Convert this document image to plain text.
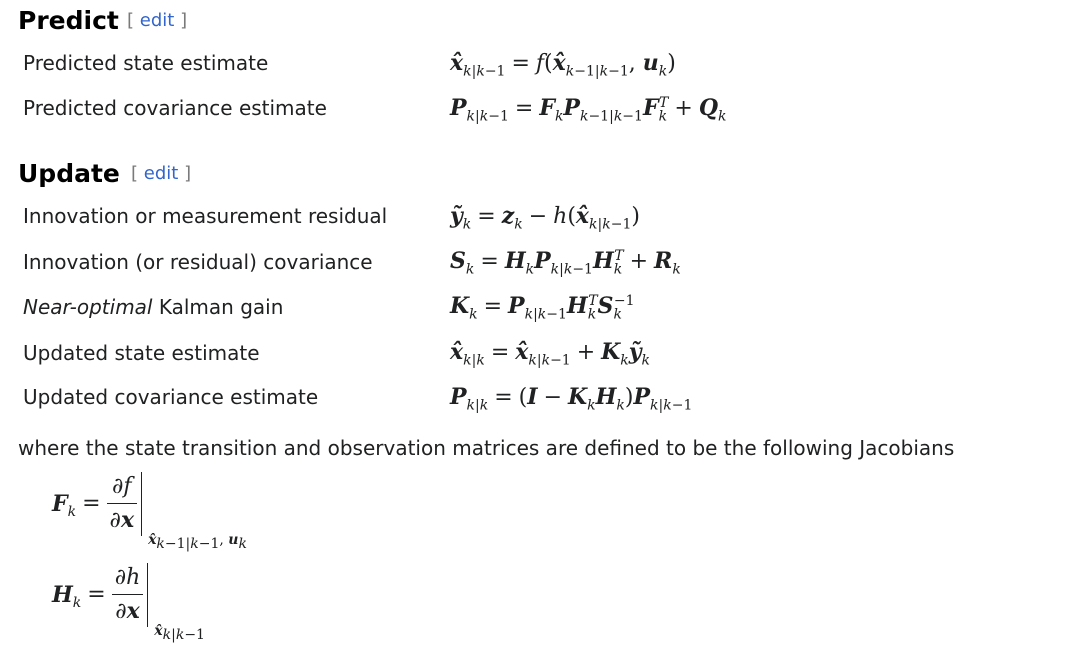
Predict [ edit ]
Predicted state estimate	$x̂_{k|k-1}$ = $f(x̂_{k-1|k-1}$, $u_k$)
Predicted covariance estimate	$P_{k|k-1} = F_kP_{k-1|k-1}F_k^T + Q_k$
Update [ edit ]
Innovation or measurement residual	ỹ$_k$ = $z_k$ − $h(x̂_{k|k-1})$
Innovation (or residual) covariance	$S_k = H_kP_{k|k-1}H_k^T + R_k$
Near-optimal Kalman gain	$K_k = P_{k|k-1}H_k^TS_k^{-1}$
Updated state estimate	$x̂_{k|k}$ = $x̂_{k|k-1}$ + $K_kỹ_k$
Updated covariance estimate	$P_{k|k} = (I - K_kH_k)P_{k|k-1}$
where the state transition and observation matrices are defined to be the following Jacobians
$F_k = \frac{\partial f}{\partial x}$
$x̂_{k-1|k-1}$, $u_k$
$H_k = \frac{\partial h}{\partial x}$
$x̂_{k|k-1}$
